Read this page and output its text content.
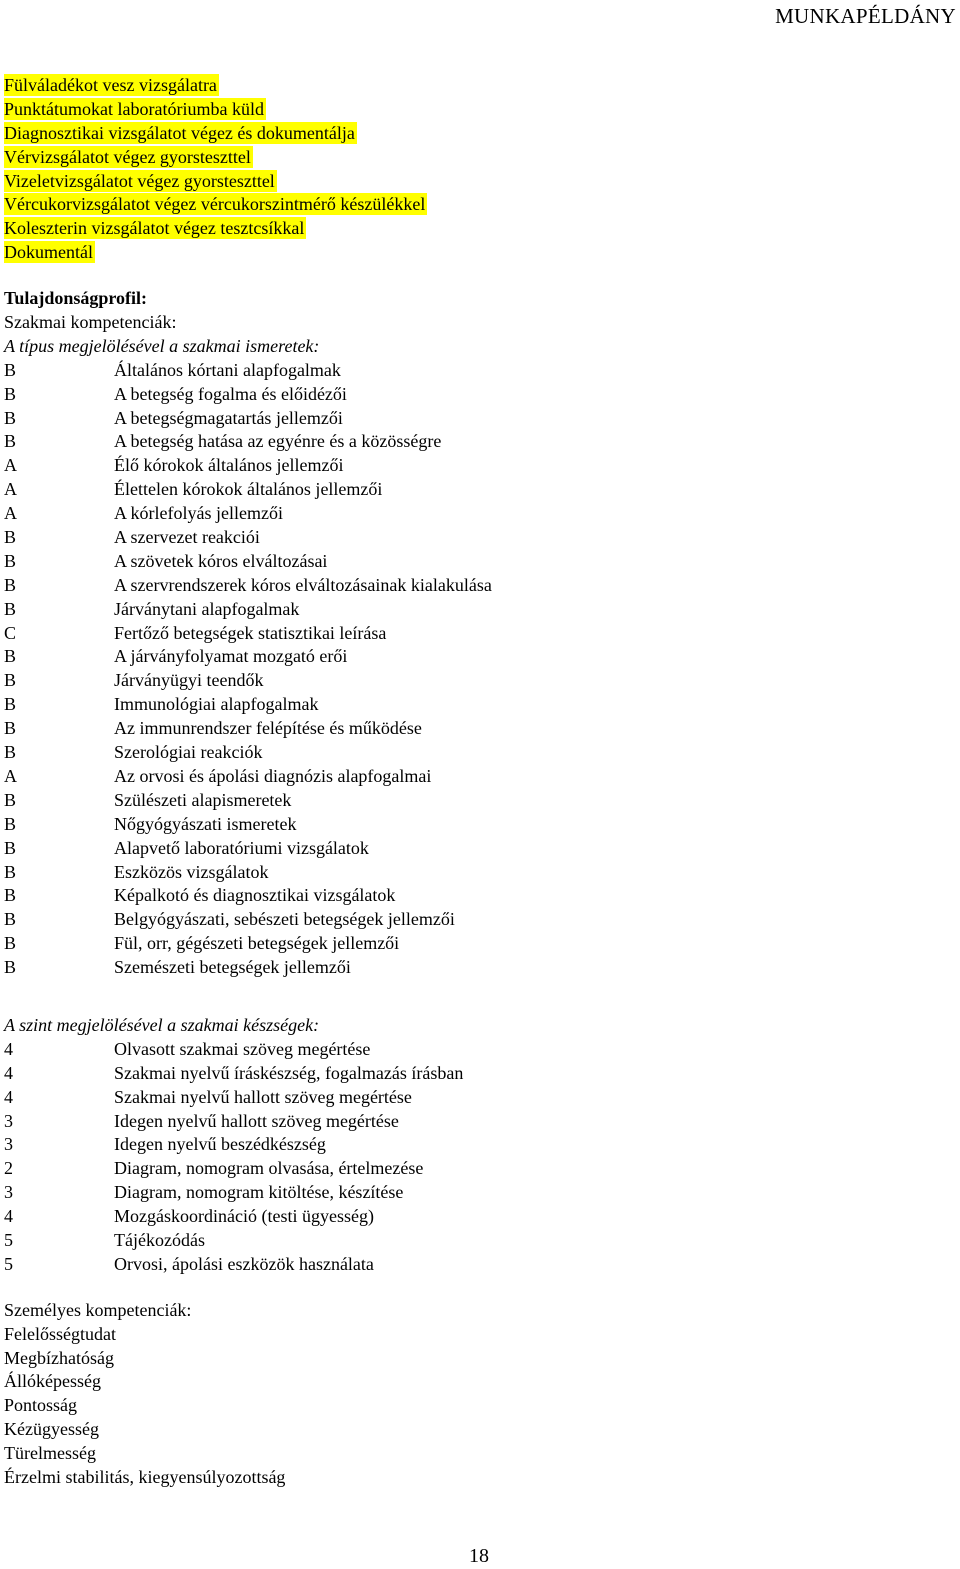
MUNKAPÉLDÁNY
Fülváladékot vesz vizsgálatra
Punktátumokat laboratóriumba küld
Diagnosztikai vizsgálatot végez és dokumentálja
Vérvizsgálatot végez gyorsteszttel
Vizeletvizsgálatot végez gyorsteszttel
Vércukorvizsgálatot végez vércukorszintmérő készülékkel
Koleszterin vizsgálatot végez tesztcsíkkal
Dokumentál
Tulajdonságprofil:
Szakmai kompetenciák:
A típus megjelölésével a szakmai ismeretek:
B	Általános kórtani alapfogalmak
B	A betegség fogalma és előidézői
B	A betegségmagatartás jellemzői
B	A betegség hatása az egyénre és a közösségre
A	Élő kórokok általános jellemzői
A	Élettelen kórokok általános jellemzői
A	A kórlefolyás jellemzői
B	A szervezet reakciói
B	A szövetek kóros elváltozásai
B	A szervrendszerek kóros elváltozásainak kialakulása
B	Járványtani alapfogalmak
C	Fertőző betegségek statisztikai leírása
B	A járványfolyamat mozgató erői
B	Járványügyi teendők
B	Immunológiai alapfogalmak
B	Az immunrendszer felépítése és működése
B	Szerológiai reakciók
A	Az orvosi és ápolási diagnózis alapfogalmai
B	Szülészeti alapismeretek
B	Nőgyógyászati ismeretek
B	Alapvető laboratóriumi vizsgálatok
B	Eszközös vizsgálatok
B	Képalkotó és diagnosztikai vizsgálatok
B	Belgyógyászati, sebészeti betegségek jellemzői
B	Fül, orr, gégészeti betegségek jellemzői
B	Szemészeti betegségek jellemzői
A szint megjelölésével a szakmai készségek:
4	Olvasott szakmai szöveg megértése
4	Szakmai nyelvű íráskészség, fogalmazás írásban
4	Szakmai nyelvű hallott szöveg megértése
3	Idegen nyelvű hallott szöveg megértése
3	Idegen nyelvű beszédkészség
2	Diagram, nomogram olvasása, értelmezése
3	Diagram, nomogram kitöltése, készítése
4	Mozgáskoordináció (testi ügyesség)
5	Tájékozódás
5	Orvosi, ápolási eszközök használata
Személyes kompetenciák:
Felelősségtudat
Megbízhatóság
Állóképesség
Pontosság
Kézügyesség
Türelmesség
Érzelmi stabilitás, kiegyensúlyozottság
18
